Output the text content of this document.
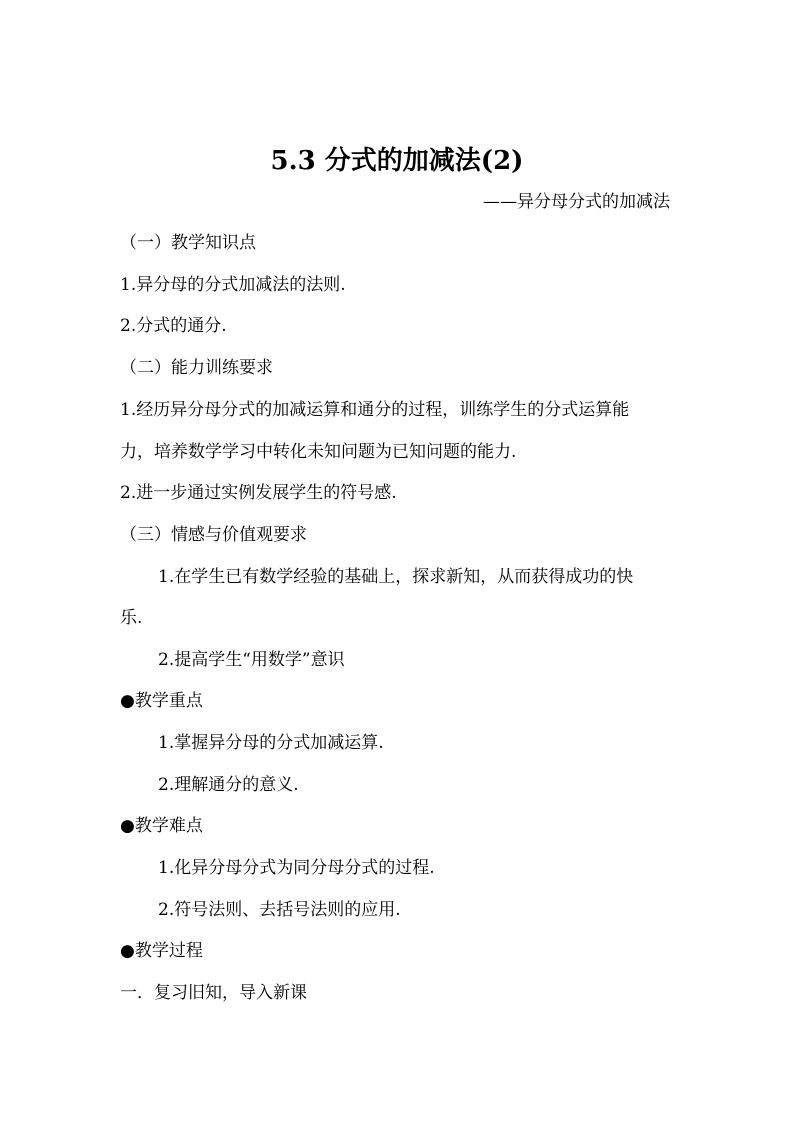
5.3 分式的加减法(2)

——异分母分式的加减法

（一）教学知识点

1.异分母的分式加减法的法则.

2.分式的通分.

（二）能力训练要求

1.经历异分母分式的加减运算和通分的过程，训练学生的分式运算能

力，培养数学学习中转化未知问题为已知问题的能力.

2.进一步通过实例发展学生的符号感.

（三）情感与价值观要求

1.在学生已有数学经验的基础上，探求新知，从而获得成功的快

乐.

2.提高学生“用数学”意识

●教学重点

1.掌握异分母的分式加减运算.

2.理解通分的意义.

●教学难点

1.化异分母分式为同分母分式的过程.

2.符号法则、去括号法则的应用.

●教学过程

一．复习旧知，导入新课
